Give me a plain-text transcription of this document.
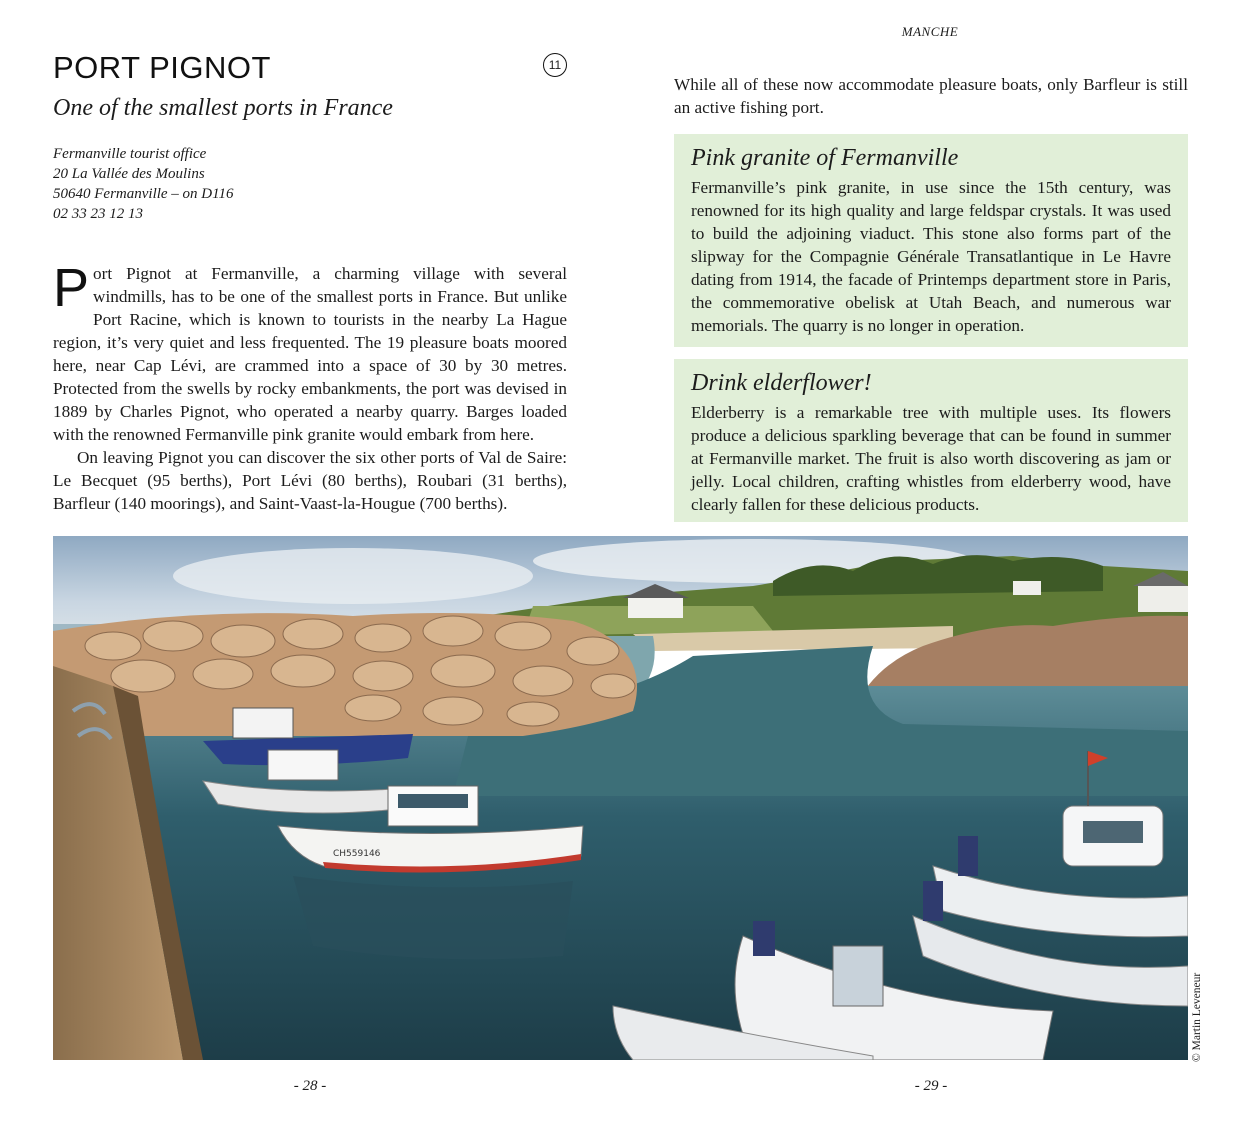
MANCHE
PORT PIGNOT	11
One of the smallest ports in France
Fermanville tourist office
20 La Vallée des Moulins
50640 Fermanville – on D116
02 33 23 12 13

Port Pignot at Fermanville, a charming village with several windmills, has to be one of the smallest ports in France. But unlike Port Racine, which is known to tourists in the nearby La Hague region, it’s very quiet and less frequented. The 19 pleasure boats moored here, near Cap Lévi, are crammed into a space of 30 by 30 metres. Protected from the swells by rocky embankments, the port was devised in 1889 by Charles Pignot, who operated a nearby quarry. Barges loaded with the renowned Fermanville pink granite would embark from here.

On leaving Pignot you can discover the six other ports of Val de Saire: Le Becquet (95 berths), Port Lévi (80 berths), Roubari (31 berths), Barfleur (140 moorings), and Saint-Vaast-la-Hougue (700 berths).

While all of these now accommodate pleasure boats, only Barfleur is still an active fishing port.
Pink granite of Fermanville

Fermanville’s pink granite, in use since the 15th century, was renowned for its high quality and large feldspar crystals. It was used to build the adjoining viaduct. This stone also forms part of the slipway for the Compagnie Générale Transatlantique in Le Havre dating from 1914, the facade of Printemps department store in Paris, the commemorative obelisk at Utah Beach, and numerous war memorials. The quarry is no longer in operation.

Drink elderflower!

Elderberry is a remarkable tree with multiple uses. Its flowers produce a delicious sparkling beverage that can be found in summer at Fermanville market. The fruit is also worth discovering as jam or jelly. Local children, crafting whistles from elderberry wood, have clearly fallen for these delicious products.

CH559146
© Martin Leveneur
- 28 -	- 29 -
